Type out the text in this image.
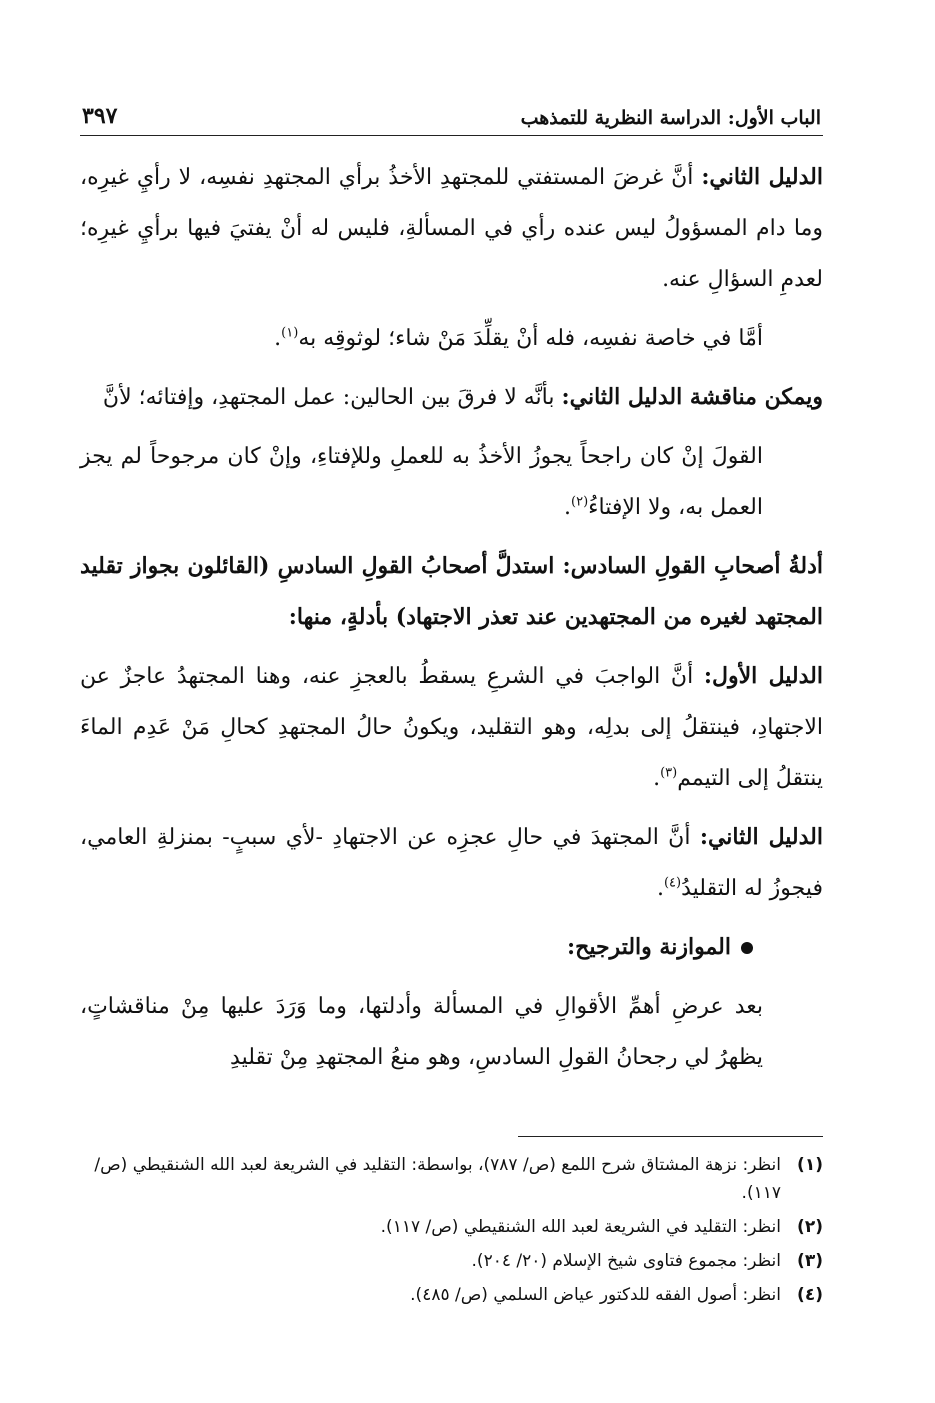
الباب الأول: الدراسة النظرية للتمذهب
٣٩٧

الدليل الثاني: أنَّ غرضَ المستفتي للمجتهدِ الأخذُ برأي المجتهدِ نفسِه، لا رأيِ غيرِه، وما دام المسؤولُ ليس عنده رأي في المسألةِ، فليس له أنْ يفتيَ فيها برأيِ غيرِه؛ لعدمِ السؤالِ عنه.

أمَّا في خاصة نفسِه، فله أنْ يقلِّدَ مَنْ شاء؛ لوثوقِه به$^{(١)}$.

ويمكن مناقشة الدليل الثاني: بأنَّه لا فرقَ بين الحالين: عمل المجتهدِ، وإفتائه؛ لأنَّ

القولَ إنْ كان راجحاً يجوزُ الأخذُ به للعملِ وللإفتاءِ، وإنْ كان مرجوحاً لم يجز العمل به، ولا الإفتاءُ$^{(٢)}$.

أدلةُ أصحابِ القولِ السادس: استدلَّ أصحابُ القولِ السادسِ (القائلون بجواز تقليد المجتهد لغيره من المجتهدين عند تعذر الاجتهاد) بأدلةٍ، منها:

الدليل الأول: أنَّ الواجبَ في الشرعِ يسقطُ بالعجزِ عنه، وهنا المجتهدُ عاجزٌ عن الاجتهادِ، فينتقلُ إلى بدلِه، وهو التقليد، ويكونُ حالُ المجتهدِ كحالِ مَنْ عَدِم الماءَ ينتقلُ إلى التيمم$^{(٣)}$.

الدليل الثاني: أنَّ المجتهدَ في حالِ عجزِه عن الاجتهادِ -لأي سببٍ- بمنزلةِ العامي، فيجوزُ له التقليدُ$^{(٤)}$.

الموازنة والترجيح:

بعد عرضِ أهمِّ الأقوالِ في المسألة وأدلتها، وما وَرَدَ عليها مِنْ مناقشاتٍ، يظهرُ لي رجحانُ القولِ السادسِ، وهو منعُ المجتهدِ مِنْ تقليدِ

(١)
انظر: نزهة المشتاق شرح اللمع (ص/ ٧٨٧)، بواسطة: التقليد في الشريعة لعبد الله الشنقيطي (ص/ ١١٧).
(٢)
انظر: التقليد في الشريعة لعبد الله الشنقيطي (ص/ ١١٧).
(٣)
انظر: مجموع فتاوى شيخ الإسلام (٢٠/ ٢٠٤).
(٤)
انظر: أصول الفقه للدكتور عياض السلمي (ص/ ٤٨٥).
